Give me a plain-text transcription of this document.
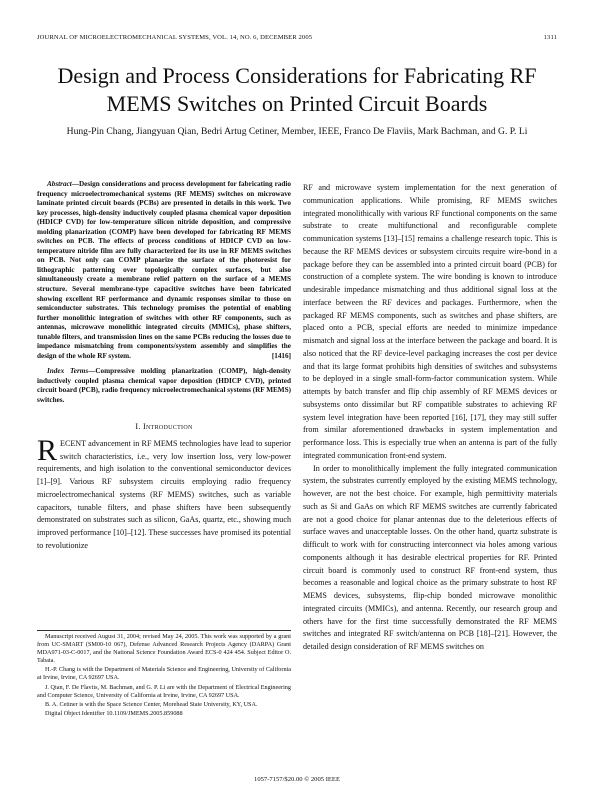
JOURNAL OF MICROELECTROMECHANICAL SYSTEMS, VOL. 14, NO. 6, DECEMBER 2005	1311
Design and Process Considerations for Fabricating RF MEMS Switches on Printed Circuit Boards
Hung-Pin Chang, Jiangyuan Qian, Bedri Artug Cetiner, Member, IEEE, Franco De Flaviis, Mark Bachman, and G. P. Li

Abstract—Design considerations and process development for fabricating radio frequency microelectromechanical systems (RF MEMS) switches on microwave laminate printed circuit boards (PCBs) are presented in details in this work. Two key processes, high-density inductively coupled plasma chemical vapor deposition (HDICP CVD) for low-temperature silicon nitride deposition, and compressive molding planarization (COMP) have been developed for fabricating RF MEMS switches on PCB. The effects of process conditions of HDICP CVD on low-temperature nitride film are fully characterized for its use in RF MEMS switches on PCB. Not only can COMP planarize the surface of the photoresist for lithographic patterning over topologically complex surfaces, but also simultaneously create a membrane relief pattern on the surface of a MEMS structure. Several membrane-type capacitive switches have been fabricated showing excellent RF performance and dynamic responses similar to those on semiconductor substrates. This technology promises the potential of enabling further monolithic integration of switches with other RF components, such as antennas, microwave monolithic integrated circuits (MMICs), phase shifters, tunable filters, and transmission lines on the same PCBs reducing the losses due to impedance mismatching from components/system assembly and simplifies the design of the whole RF system.	[1416]

Index Terms—Compressive molding planarization (COMP), high-density inductively coupled plasma chemical vapor deposition (HDICP CVD), printed circuit board (PCB), radio frequency microelectromechanical systems (RF MEMS) switches.

I. Introduction

RECENT advancement in RF MEMS technologies have lead to superior switch characteristics, i.e., very low insertion loss, very low-power requirements, and high isolation to the conventional semiconductor devices [1]–[9]. Various RF subsystem circuits employing radio frequency microelectromechanical systems (RF MEMS) switches, such as variable capacitors, tunable filters, and phase shifters have been subsequently demonstrated on substrates such as silicon, GaAs, quartz, etc., showing much improved performance [10]–[12]. These successes have promised its potential to revolutionize

RF and microwave system implementation for the next generation of communication applications. While promising, RF MEMS switches integrated monolithically with various RF functional components on the same substrate to create multifunctional and reconfigurable complete communication systems [13]–[15] remains a challenge research topic. This is because the RF MEMS devices or subsystem circuits require wire-bond in a package before they can be assembled into a printed circuit board (PCB) for construction of a complete system. The wire bonding is known to introduce undesirable impedance mismatching and thus additional signal loss at the interface between the RF devices and packages. Furthermore, when the packaged RF MEMS components, such as switches and phase shifters, are placed onto a PCB, special efforts are needed to minimize impedance mismatch and signal loss at the interface between the package and board. It is also noticed that the RF device-level packaging increases the cost per device and that its large format prohibits high densities of switches and subsystems to be deployed in a single small-form-factor communication system. While attempts by batch transfer and flip chip assembly of RF MEMS devices or subsystems onto dissimilar but RF compatible substrates to achieving RF system level integration have been reported [16], [17], they may still suffer from similar aforementioned drawbacks in system implementation and performance loss. This is especially true when an antenna is part of the fully integrated communication front-end system.

In order to monolithically implement the fully integrated communication system, the substrates currently employed by the existing MEMS technology, however, are not the best choice. For example, high permittivity materials such as Si and GaAs on which RF MEMS switches are currently fabricated are not a good choice for planar antennas due to the deleterious effects of surface waves and unacceptable losses. On the other hand, quartz substrate is difficult to work with for constructing interconnect via holes among various components although it has desirable electrical properties for RF. Printed circuit board is commonly used to construct RF front-end system, thus becomes a reasonable and logical choice as the primary substrate to host RF MEMS devices, subsystems, flip-chip bonded microwave monolithic integrated circuits (MMICs), and antenna. Recently, our research group and others have for the first time successfully demonstrated the RF MEMS switches and integrated RF switch/antenna on PCB [18]–[21]. However, the detailed design consideration of RF MEMS switches on

Manuscript received August 31, 2004; revised May 24, 2005. This work was supported by a grant from UC-SMART (SM00-10 067), Defense Advanced Research Projects Agency (DARPA) Grant MDA971-03-C-0017, and the National Science Foundation Award ECS-0 424 454. Subject Editor O. Tabata.

H.-P. Chang is with the Department of Materials Science and Engineering, University of California at Irvine, Irvine, CA 92697 USA.

J. Qian, F. De Flaviis, M. Bachman, and G. P. Li are with the Department of Electrical Engineering and Computer Science, University of California at Irvine, Irvine, CA 92697 USA.

B. A. Cetiner is with the Space Science Center, Morehead State University, KY, USA.

Digital Object Identifier 10.1109/JMEMS.2005.859088

1057-7157/$20.00 © 2005 IEEE
